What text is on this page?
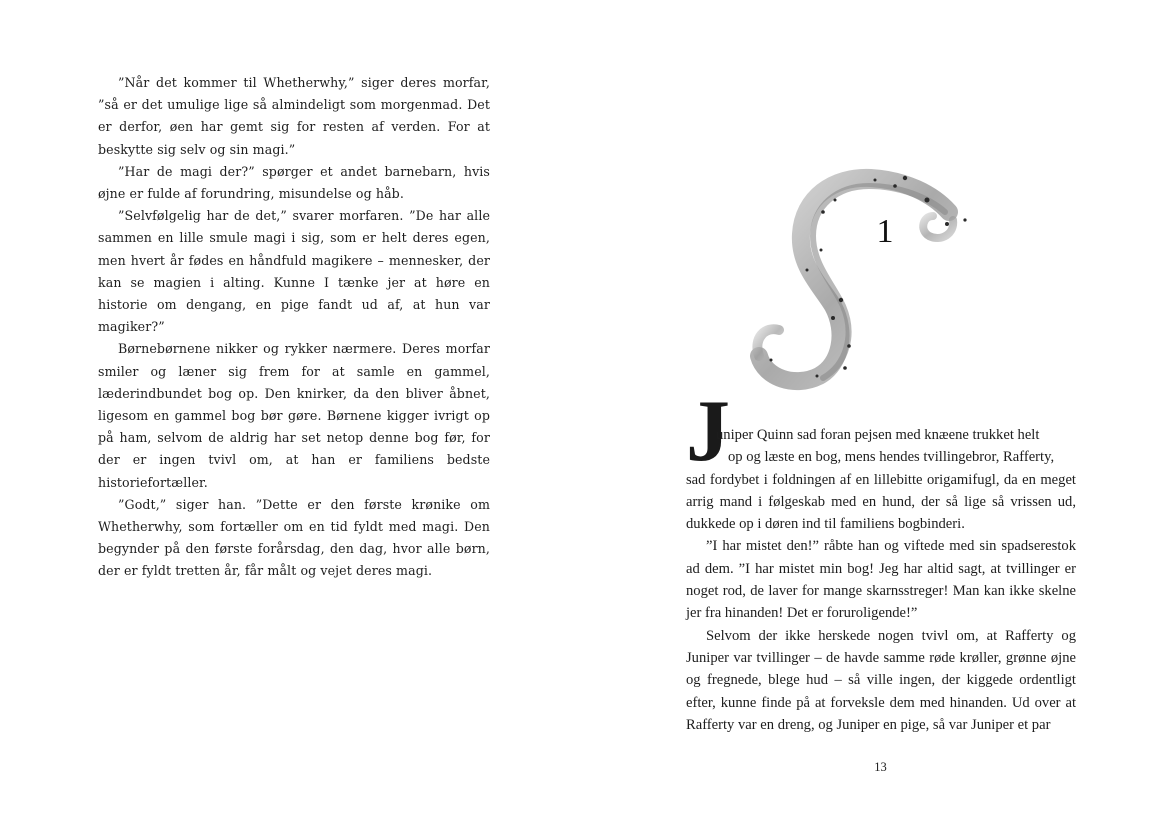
”Når det kommer til Whetherwhy,” siger deres morfar, ”så er det umulige lige så almindeligt som morgenmad. Det er derfor, øen har gemt sig for resten af verden. For at beskytte sig selv og sin magi.”

”Har de magi der?” spørger et andet barnebarn, hvis øjne er fulde af forundring, misundelse og håb.

”Selvfølgelig har de det,” svarer morfaren. ”De har alle sammen en lille smule magi i sig, som er helt deres egen, men hvert år fødes en håndfuld magikere – mennesker, der kan se magien i alting. Kunne I tænke jer at høre en historie om dengang, en pige fandt ud af, at hun var magiker?”

Børnebørnene nikker og rykker nærmere. Deres morfar smiler og læner sig frem for at samle en gammel, læderindbundet bog op. Den knirker, da den bliver åbnet, ligesom en gammel bog bør gøre. Børnene kigger ivrigt op på ham, selvom de aldrig har set netop denne bog før, for der er ingen tvivl om, at han er familiens bedste historiefortæller.

”Godt,” siger han. ”Dette er den første krønike om Whetherwhy, som fortæller om en tid fyldt med magi. Den begynder på den første forårsdag, den dag, hvor alle børn, der er fyldt tretten år, får målt og vejet deres magi.

1
J

uniper Quinn sad foran pejsen med knæene trukket helt
op og læste en bog, mens hendes tvillingebror, Rafferty,
sad fordybet i foldningen af en lillebitte origamifugl, da en meget arrig mand i følgeskab med en hund, der så lige så vrissen ud, dukkede op i døren ind til familiens bogbinderi.

”I har mistet den!” råbte han og viftede med sin spadserestok ad dem. ”I har mistet min bog! Jeg har altid sagt, at tvillinger er noget rod, de laver for mange skarnsstreger! Man kan ikke skelne jer fra hinanden! Det er foruroligende!”

Selvom der ikke herskede nogen tvivl om, at Rafferty og Juniper var tvillinger – de havde samme røde krøller, grønne øjne og fregnede, blege hud – så ville ingen, der kiggede ordentligt efter, kunne finde på at forveksle dem med hinanden. Ud over at Rafferty var en dreng, og Juniper en pige, så var Juniper et par

13
